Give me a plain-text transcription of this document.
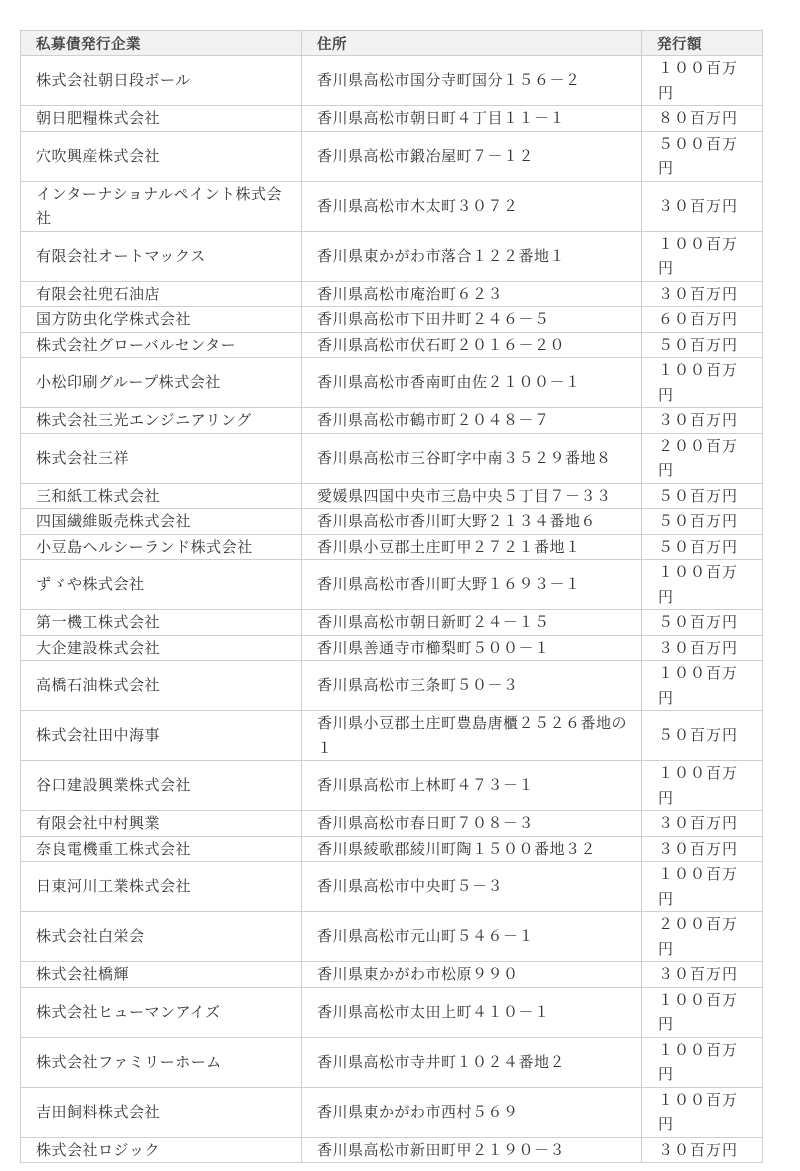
私募債発行企業	住所	発行額
株式会社朝日段ボール	香川県高松市国分寺町国分１５６－２	１００百万円
朝日肥糧株式会社	香川県高松市朝日町４丁目１１－１	８０百万円
穴吹興産株式会社	香川県高松市鍛冶屋町７－１２	５００百万円
インターナショナルペイント株式会社	香川県高松市木太町３０７２	３０百万円
有限会社オートマックス	香川県東かがわ市落合１２２番地１	１００百万円
有限会社兜石油店	香川県高松市庵治町６２３	３０百万円
国方防虫化学株式会社	香川県高松市下田井町２４６－５	６０百万円
株式会社グローバルセンター	香川県高松市伏石町２０１６－２０	５０百万円
小松印刷グループ株式会社	香川県高松市香南町由佐２１００－１	１００百万円
株式会社三光エンジニアリング	香川県高松市鶴市町２０４８－７	３０百万円
株式会社三祥	香川県高松市三谷町字中南３５２９番地８	２００百万円
三和紙工株式会社	愛媛県四国中央市三島中央５丁目７－３３	５０百万円
四国繊維販売株式会社	香川県高松市香川町大野２１３４番地６	５０百万円
小豆島ヘルシーランド株式会社	香川県小豆郡土庄町甲２７２１番地１	５０百万円
ずゞや株式会社	香川県高松市香川町大野１６９３－１	１００百万円
第一機工株式会社	香川県高松市朝日新町２４－１５	５０百万円
大企建設株式会社	香川県善通寺市櫛梨町５００－１	３０百万円
高橋石油株式会社	香川県高松市三条町５０－３	１００百万円
株式会社田中海事	香川県小豆郡土庄町豊島唐櫃２５２６番地の１	５０百万円
谷口建設興業株式会社	香川県高松市上林町４７３－１	１００百万円
有限会社中村興業	香川県高松市春日町７０８－３	３０百万円
奈良電機重工株式会社	香川県綾歌郡綾川町陶１５００番地３２	３０百万円
日東河川工業株式会社	香川県高松市中央町５－３	１００百万円
株式会社白栄会	香川県高松市元山町５４６－１	２００百万円
株式会社橋輝	香川県東かがわ市松原９９０	３０百万円
株式会社ヒューマンアイズ	香川県高松市太田上町４１０－１	１００百万円
株式会社ファミリーホーム	香川県高松市寺井町１０２４番地２	１００百万円
吉田飼料株式会社	香川県東かがわ市西村５６９	１００百万円
株式会社ロジック	香川県高松市新田町甲２１９０－３	３０百万円
